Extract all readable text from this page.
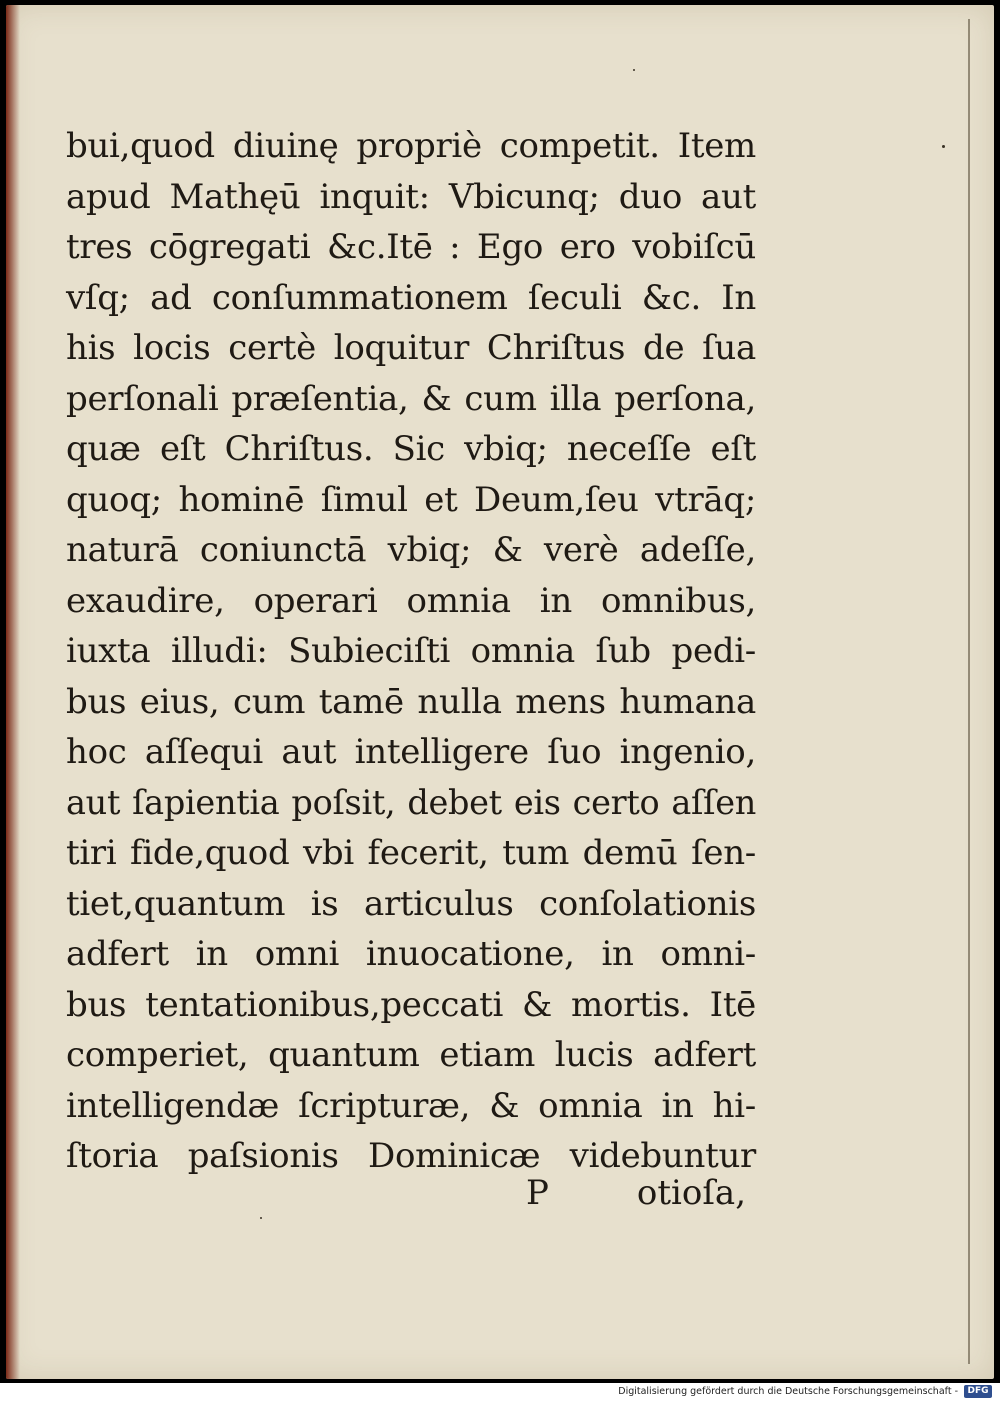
bui,quod diuinę propriè competit. Item
apud Mathęū inquit: Vbicunq; duo aut
tres cōgregati &c.Itē : Ego ero vobiſcū
vſq; ad conſummationem ſeculi &c. In
his locis certè loquitur Chriſtus de ſua
perſonali præſentia, & cum illa perſona,
quæ eſt Chriſtus. Sic vbiq; neceſſe eſt
quoq; hominē ſimul et Deum,ſeu vtrāq;
naturā coniunctā vbiq; & verè adeſſe,
exaudire, operari omnia in omnibus,
iuxta illudi: Subieciſti omnia ſub pedi-
bus eius, cum tamē nulla mens humana
hoc aſſequi aut intelligere ſuo ingenio,
aut ſapientia poſsit, debet eis certo aſſen
tiri fide,quod vbi fecerit, tum demū ſen-
tiet,quantum is articulus conſolationis
adfert in omni inuocatione, in omni-
bus tentationibus,peccati & mortis. Itē
comperiet, quantum etiam lucis adfert
intelligendæ ſcripturæ, & omnia in hi-
ſtoria paſsionis Dominicæ videbuntur
P	otioſa,
Digitalisierung gefördert durch die Deutsche Forschungsgemeinschaft -	DFG
